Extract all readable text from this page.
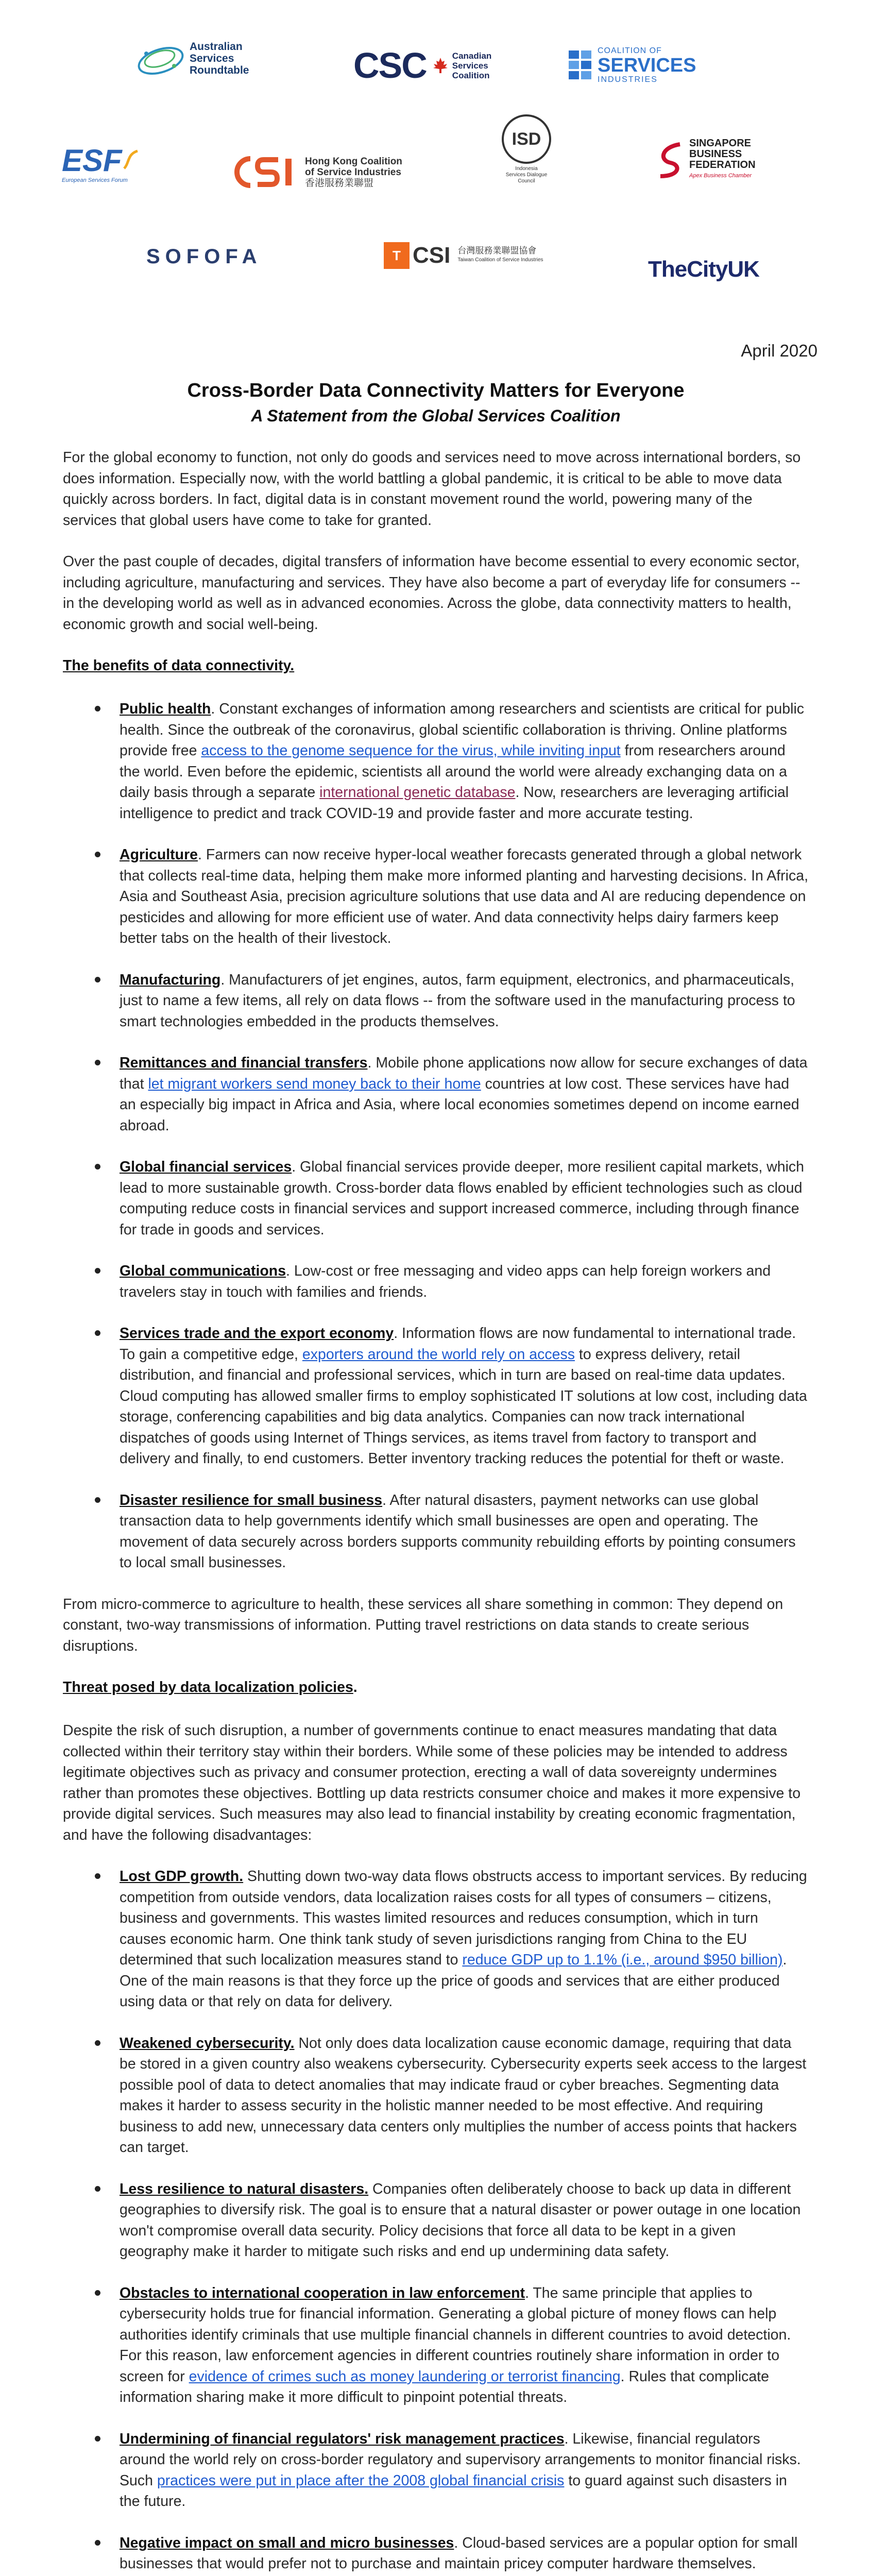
Australian
Services
Roundtable	CSC	Canadian
Services
Coalition
COALITION OF
SERVICES
INDUSTRIES
ESF
European Services Forum
Hong Kong Coalition
of Service Industries
香港服務業聯盟
ISD
Indonesia
Services Dialogue
Council
SINGAPORE
BUSINESS
FEDERATION
Apex Business Chamber
SOFOFA	T CSI 台灣服務業聯盟協會
Taiwan Coalition of Service Industries	TheCityUK
April 2020
Cross-Border Data Connectivity Matters for Everyone
A Statement from the Global Services Coalition

For the global economy to function, not only do goods and services need to move across international borders, so does information. Especially now, with the world battling a global pandemic, it is critical to be able to move data quickly across borders. In fact, digital data is in constant movement round the world, powering many of the services that global users have come to take for granted.

Over the past couple of decades, digital transfers of information have become essential to every economic sector, including agriculture, manufacturing and services. They have also become a part of everyday life for consumers -- in the developing world as well as in advanced economies. Across the globe, data connectivity matters to health, economic growth and social well-being.

The benefits of data connectivity.
Public health. Constant exchanges of information among researchers and scientists are critical for public health. Since the outbreak of the coronavirus, global scientific collaboration is thriving. Online platforms provide free access to the genome sequence for the virus, while inviting input from researchers around the world. Even before the epidemic, scientists all around the world were already exchanging data on a daily basis through a separate international genetic database. Now, researchers are leveraging artificial intelligence to predict and track COVID-19 and provide faster and more accurate testing.
Agriculture. Farmers can now receive hyper-local weather forecasts generated through a global network that collects real-time data, helping them make more informed planting and harvesting decisions. In Africa, Asia and Southeast Asia, precision agriculture solutions that use data and AI are reducing dependence on pesticides and allowing for more efficient use of water. And data connectivity helps dairy farmers keep better tabs on the health of their livestock.
Manufacturing. Manufacturers of jet engines, autos, farm equipment, electronics, and pharmaceuticals, just to name a few items, all rely on data flows -- from the software used in the manufacturing process to smart technologies embedded in the products themselves.
Remittances and financial transfers. Mobile phone applications now allow for secure exchanges of data that let migrant workers send money back to their home countries at low cost. These services have had an especially big impact in Africa and Asia, where local economies sometimes depend on income earned abroad.
Global financial services. Global financial services provide deeper, more resilient capital markets, which lead to more sustainable growth. Cross-border data flows enabled by efficient technologies such as cloud computing reduce costs in financial services and support increased commerce, including through finance for trade in goods and services.
Global communications. Low-cost or free messaging and video apps can help foreign workers and travelers stay in touch with families and friends.
Services trade and the export economy. Information flows are now fundamental to international trade. To gain a competitive edge, exporters around the world rely on access to express delivery, retail distribution, and financial and professional services, which in turn are based on real-time data updates. Cloud computing has allowed smaller firms to employ sophisticated IT solutions at low cost, including data storage, conferencing capabilities and big data analytics. Companies can now track international dispatches of goods using Internet of Things services, as items travel from factory to transport and delivery and finally, to end customers. Better inventory tracking reduces the potential for theft or waste.
Disaster resilience for small business. After natural disasters, payment networks can use global transaction data to help governments identify which small businesses are open and operating. The movement of data securely across borders supports community rebuilding efforts by pointing consumers to local small businesses.

From micro-commerce to agriculture to health, these services all share something in common: They depend on constant, two-way transmissions of information. Putting travel restrictions on data stands to create serious disruptions.

Threat posed by data localization policies.

Despite the risk of such disruption, a number of governments continue to enact measures mandating that data collected within their territory stay within their borders. While some of these policies may be intended to address legitimate objectives such as privacy and consumer protection, erecting a wall of data sovereignty undermines rather than promotes these objectives. Bottling up data restricts consumer choice and makes it more expensive to provide digital services. Such measures may also lead to financial instability by creating economic fragmentation, and have the following disadvantages:

Lost GDP growth. Shutting down two-way data flows obstructs access to important services. By reducing competition from outside vendors, data localization raises costs for all types of consumers – citizens, business and governments. This wastes limited resources and reduces consumption, which in turn causes economic harm. One think tank study of seven jurisdictions ranging from China to the EU determined that such localization measures stand to reduce GDP up to 1.1% (i.e., around $950 billion). One of the main reasons is that they force up the price of goods and services that are either produced using data or that rely on data for delivery.
Weakened cybersecurity. Not only does data localization cause economic damage, requiring that data be stored in a given country also weakens cybersecurity. Cybersecurity experts seek access to the largest possible pool of data to detect anomalies that may indicate fraud or cyber breaches. Segmenting data makes it harder to assess security in the holistic manner needed to be most effective. And requiring business to add new, unnecessary data centers only multiplies the number of access points that hackers can target.
Less resilience to natural disasters. Companies often deliberately choose to back up data in different geographies to diversify risk. The goal is to ensure that a natural disaster or power outage in one location won't compromise overall data security. Policy decisions that force all data to be kept in a given geography make it harder to mitigate such risks and end up undermining data safety.
Obstacles to international cooperation in law enforcement. The same principle that applies to cybersecurity holds true for financial information. Generating a global picture of money flows can help authorities identify criminals that use multiple financial channels in different countries to avoid detection. For this reason, law enforcement agencies in different countries routinely share information in order to screen for evidence of crimes such as money laundering or terrorist financing. Rules that complicate information sharing make it more difficult to pinpoint potential threats.
Undermining of financial regulators' risk management practices. Likewise, financial regulators around the world rely on cross-border regulatory and supervisory arrangements to monitor financial risks. Such practices were put in place after the 2008 global financial crisis to guard against such disasters in the future.
Negative impact on small and micro businesses. Cloud-based services are a popular option for small businesses that would prefer not to purchase and maintain pricey computer hardware themselves.
